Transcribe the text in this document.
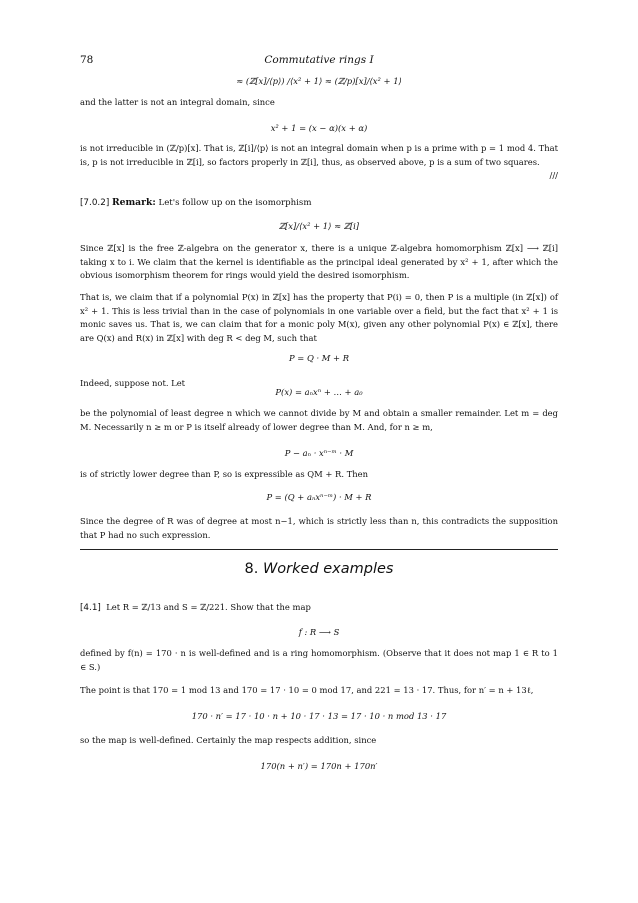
78	Commutative rings I
≈ (ℤ[x]/⟨p⟩) /⟨x² + 1⟩ ≈ (ℤ/p)[x]/⟨x² + 1⟩
and the latter is not an integral domain, since
x² + 1 = (x − α)(x + α)
is not irreducible in (ℤ/p)[x]. That is, ℤ[i]/⟨p⟩ is not an integral domain when p is a prime with p = 1 mod 4. That is, p is not irreducible in ℤ[i], so factors properly in ℤ[i], thus, as observed above, p is a sum of two squares.
///
[7.0.2] Remark: Let's follow up on the isomorphism
ℤ[x]/⟨x² + 1⟩ ≈ ℤ[i]
Since ℤ[x] is the free ℤ-algebra on the generator x, there is a unique ℤ-algebra homomorphism ℤ[x] ⟶ ℤ[i] taking x to i. We claim that the kernel is identifiable as the principal ideal generated by x² + 1, after which the obvious isomorphism theorem for rings would yield the desired isomorphism.
That is, we claim that if a polynomial P(x) in ℤ[x] has the property that P(i) = 0, then P is a multiple (in ℤ[x]) of x² + 1. This is less trivial than in the case of polynomials in one variable over a field, but the fact that x² + 1 is monic saves us. That is, we can claim that for a monic poly M(x), given any other polynomial P(x) ∈ ℤ[x], there are Q(x) and R(x) in ℤ[x] with deg R < deg M, such that
P = Q · M + R
Indeed, suppose not. Let
P(x) = aₙxⁿ + … + a₀
be the polynomial of least degree n which we cannot divide by M and obtain a smaller remainder. Let m = deg M. Necessarily n ≥ m or P is itself already of lower degree than M. And, for n ≥ m,
P − aₙ · xⁿ⁻ᵐ · M
is of strictly lower degree than P, so is expressible as QM + R. Then
P = (Q + aₙxⁿ⁻ᵐ) · M + R
Since the degree of R was of degree at most n−1, which is strictly less than n, this contradicts the supposition that P had no such expression.
8. Worked examples
[4.1] Let R = ℤ/13 and S = ℤ/221. Show that the map
f : R ⟶ S
defined by f(n) = 170 · n is well-defined and is a ring homomorphism. (Observe that it does not map 1 ∈ R to 1 ∈ S.)
The point is that 170 = 1 mod 13 and 170 = 17 · 10 = 0 mod 17, and 221 = 13 · 17. Thus, for n′ = n + 13ℓ,
170 · n′ = 17 · 10 · n + 10 · 17 · 13 = 17 · 10 · n mod 13 · 17
so the map is well-defined. Certainly the map respects addition, since
170(n + n′) = 170n + 170n′
